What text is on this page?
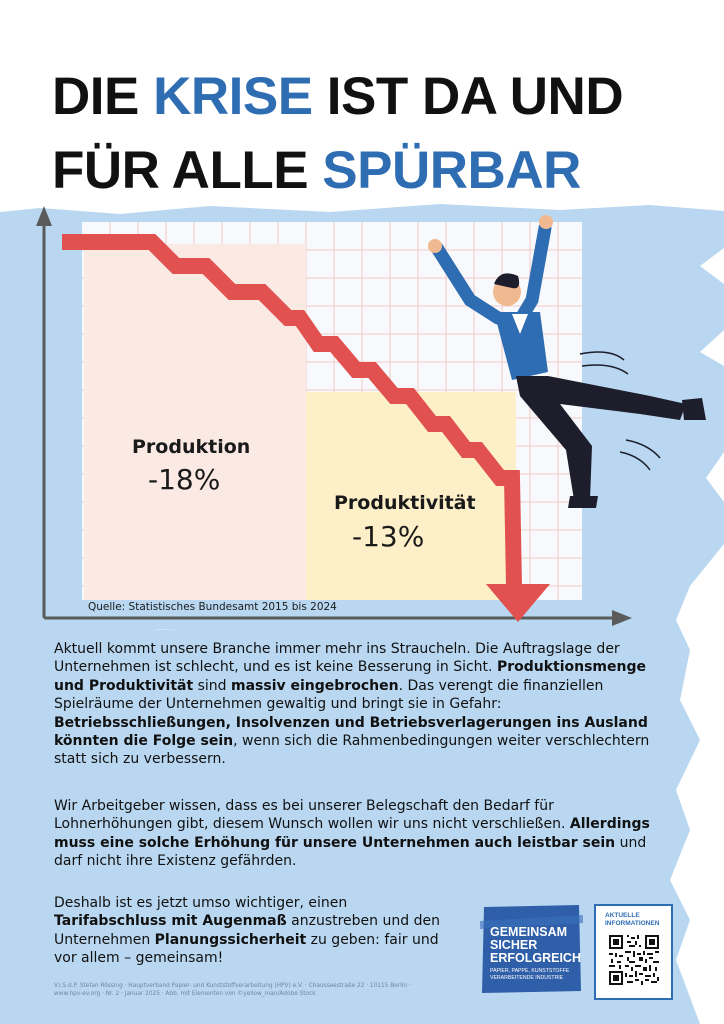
DIE KRISE IST DA UND
FÜR ALLE SPÜRBAR
Produktion
-18%
Produktivität
-13%
Quelle: Statistisches Bundesamt 2015 bis 2024

Aktuell kommt unsere Branche immer mehr ins Straucheln. Die Auftragslage der Unternehmen ist schlecht, und es ist keine Besserung in Sicht. Produktionsmenge und Produktivität sind massiv eingebrochen. Das verengt die finanziellen Spielräume der Unternehmen gewaltig und bringt sie in Gefahr: Betriebsschließungen, Insolvenzen und Betriebsverlagerungen ins Ausland könnten die Folge sein, wenn sich die Rahmenbedingungen weiter verschlechtern statt sich zu verbessern.

Wir Arbeitgeber wissen, dass es bei unserer Belegschaft den Bedarf für Lohnerhöhungen gibt, diesem Wunsch wollen wir uns nicht verschließen. Allerdings muss eine solche Erhöhung für unsere Unternehmen auch leistbar sein und darf nicht ihre Existenz gefährden.

Deshalb ist es jetzt umso wichtiger, einen Tarifabschluss mit Augenmaß anzustreben und den Unternehmen Planungssicherheit zu geben: fair und vor allem – gemeinsam!

V.i.S.d.P. Stefan Rössing · Hauptverband Papier- und Kunststoffverarbeitung (HPV) e.V. · Chausseestraße 22 · 10115 Berlin · www.hpv-ev.org · Nr. 2 · Januar 2025 · Abb. mit Elementen von ©yellow_man/Adobe Stock
GEMEINSAM
SICHER
ERFOLGREICH
PAPIER, PAPPE, KUNSTSTOFFE
VERARBEITENDE INDUSTRIE
AKTUELLE
INFORMATIONEN
